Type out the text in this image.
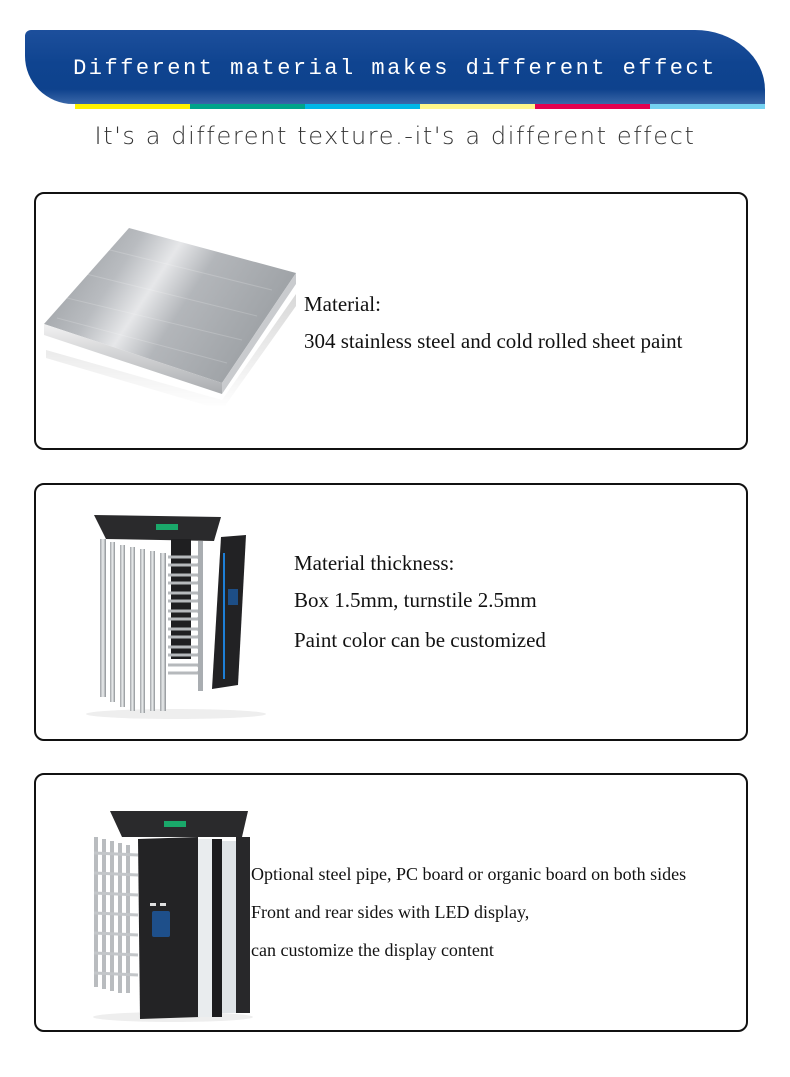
Different material makes different effect
It's a different texture.-it's a different effect
Material:
304 stainless steel and cold rolled sheet paint
Material thickness:
Box 1.5mm, turnstile 2.5mm
Paint color can be customized
Optional steel pipe, PC board or organic board on both sides
Front and rear sides with LED display,
can customize the display content
